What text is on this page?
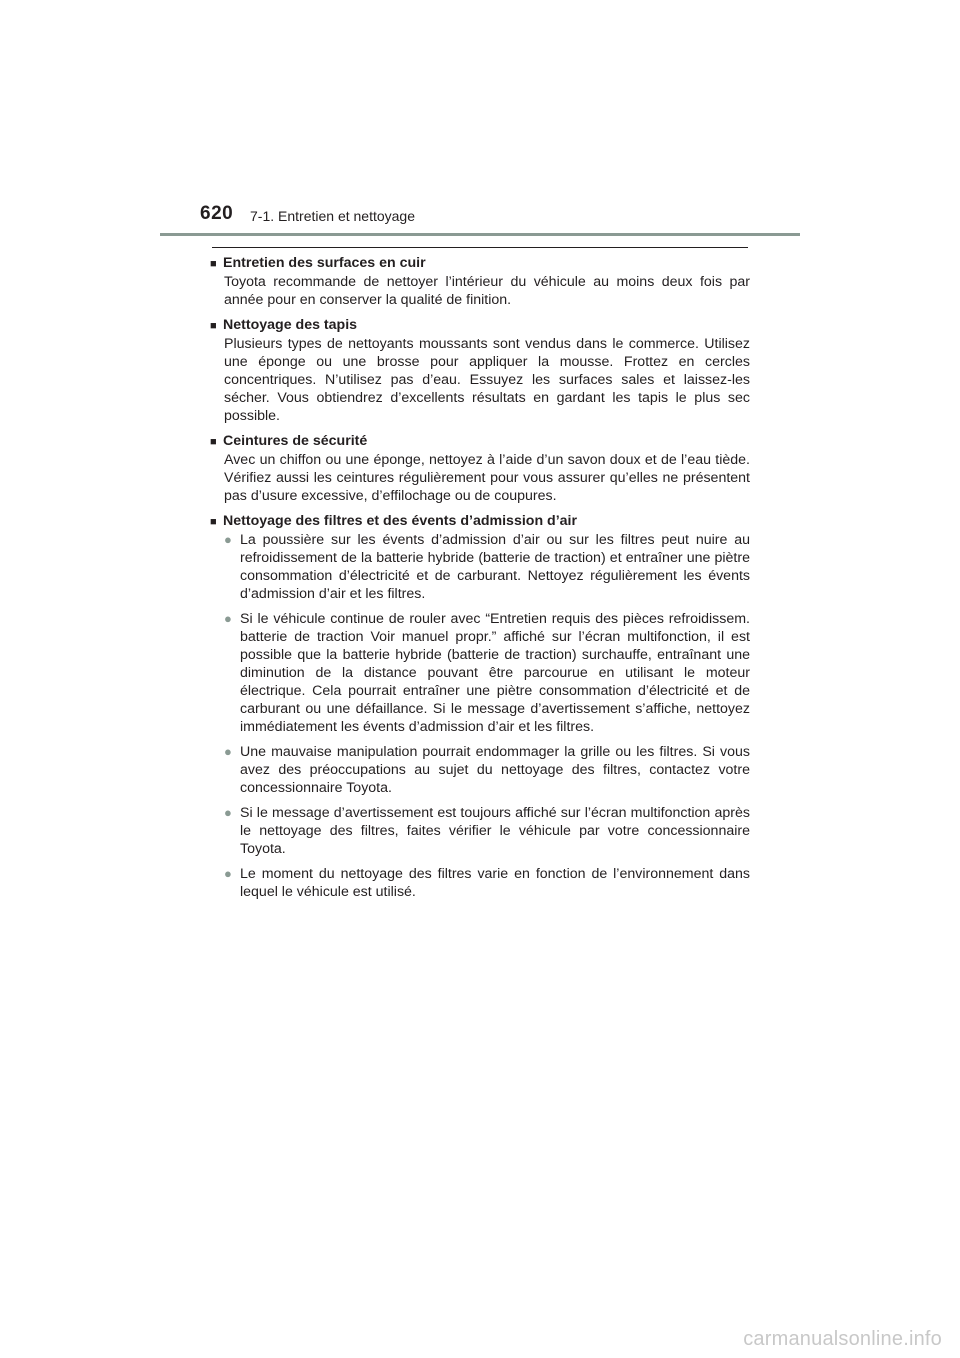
620 7-1. Entretien et nettoyage
■ Entretien des surfaces en cuir
Toyota recommande de nettoyer l’intérieur du véhicule au moins deux fois par année pour en conserver la qualité de finition.
■ Nettoyage des tapis
Plusieurs types de nettoyants moussants sont vendus dans le commerce. Utilisez une éponge ou une brosse pour appliquer la mousse. Frottez en cercles concentriques. N’utilisez pas d’eau. Essuyez les surfaces sales et laissez-les sécher. Vous obtiendrez d’excellents résultats en gardant les tapis le plus sec possible.
■ Ceintures de sécurité
Avec un chiffon ou une éponge, nettoyez à l’aide d’un savon doux et de l’eau tiède. Vérifiez aussi les ceintures régulièrement pour vous assurer qu’elles ne présentent pas d’usure excessive, d’effilochage ou de coupures.
■ Nettoyage des filtres et des évents d’admission d’air
● La poussière sur les évents d’admission d’air ou sur les filtres peut nuire au refroidissement de la batterie hybride (batterie de traction) et entraîner une piètre consommation d’électricité et de carburant. Nettoyez régulièrement les évents d’admission d’air et les filtres.
● Si le véhicule continue de rouler avec “Entretien requis des pièces refroidissem. batterie de traction Voir manuel propr.” affiché sur l’écran multifonction, il est possible que la batterie hybride (batterie de traction) surchauffe, entraînant une diminution de la distance pouvant être parcourue en utilisant le moteur électrique. Cela pourrait entraîner une piètre consommation d’électricité et de carburant ou une défaillance. Si le message d’avertissement s’affiche, nettoyez immédiatement les évents d’admission d’air et les filtres.
● Une mauvaise manipulation pourrait endommager la grille ou les filtres. Si vous avez des préoccupations au sujet du nettoyage des filtres, contactez votre concessionnaire Toyota.
● Si le message d’avertissement est toujours affiché sur l’écran multifonction après le nettoyage des filtres, faites vérifier le véhicule par votre concessionnaire Toyota.
● Le moment du nettoyage des filtres varie en fonction de l’environnement dans lequel le véhicule est utilisé.
carmanualsonline.info
